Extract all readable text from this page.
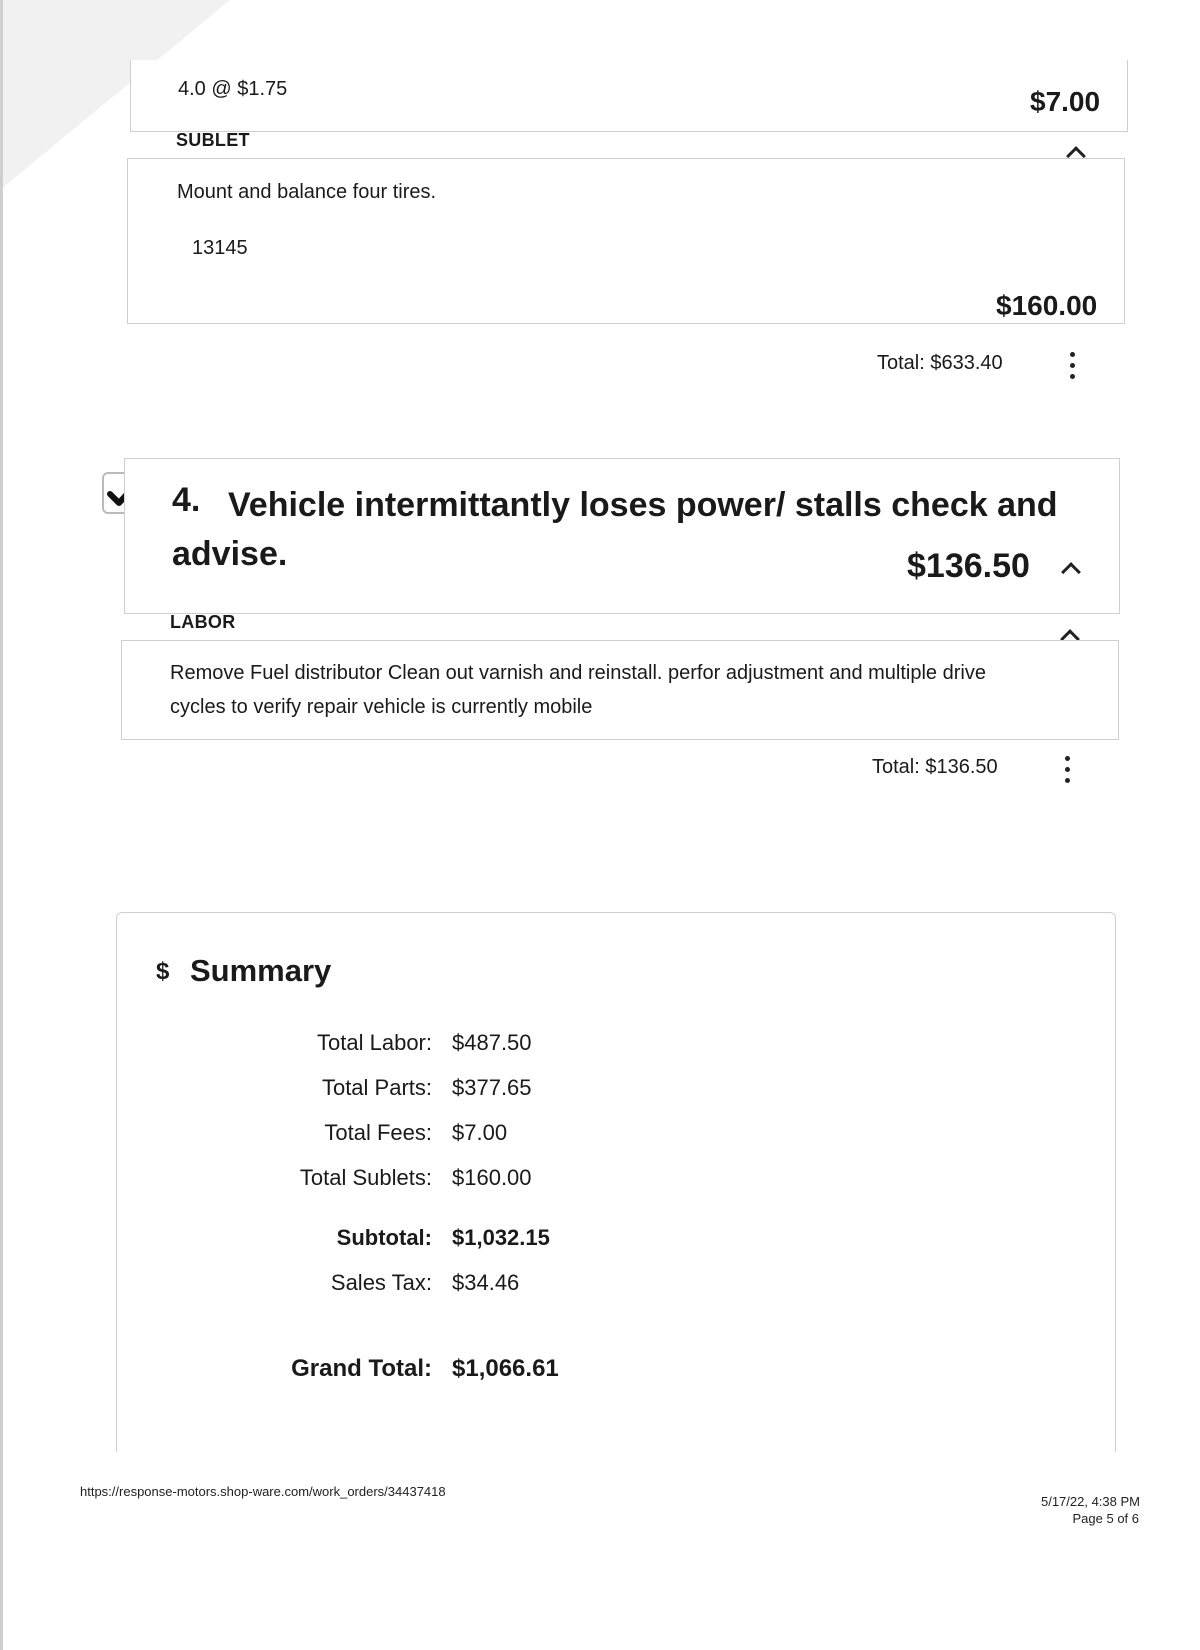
4.0 @ $1.75	$7.00
SUBLET
Mount and balance four tires.
13145
$160.00
Total: $633.40
4. Vehicle intermittantly loses power/ stalls check and
advise.	$136.50
LABOR
Remove Fuel distributor Clean out varnish and reinstall. perfor adjustment and multiple drive
cycles to verify repair vehicle is currently mobile
Total: $136.50
$ Summary
Total Labor: $487.50
Total Parts: $377.65
Total Fees: $7.00
Total Sublets: $160.00
Subtotal: $1,032.15
Sales Tax: $34.46
Grand Total: $1,066.61
https://response-motors.shop-ware.com/work_orders/34437418
5/17/22, 4:38 PM
Page 5 of 6
